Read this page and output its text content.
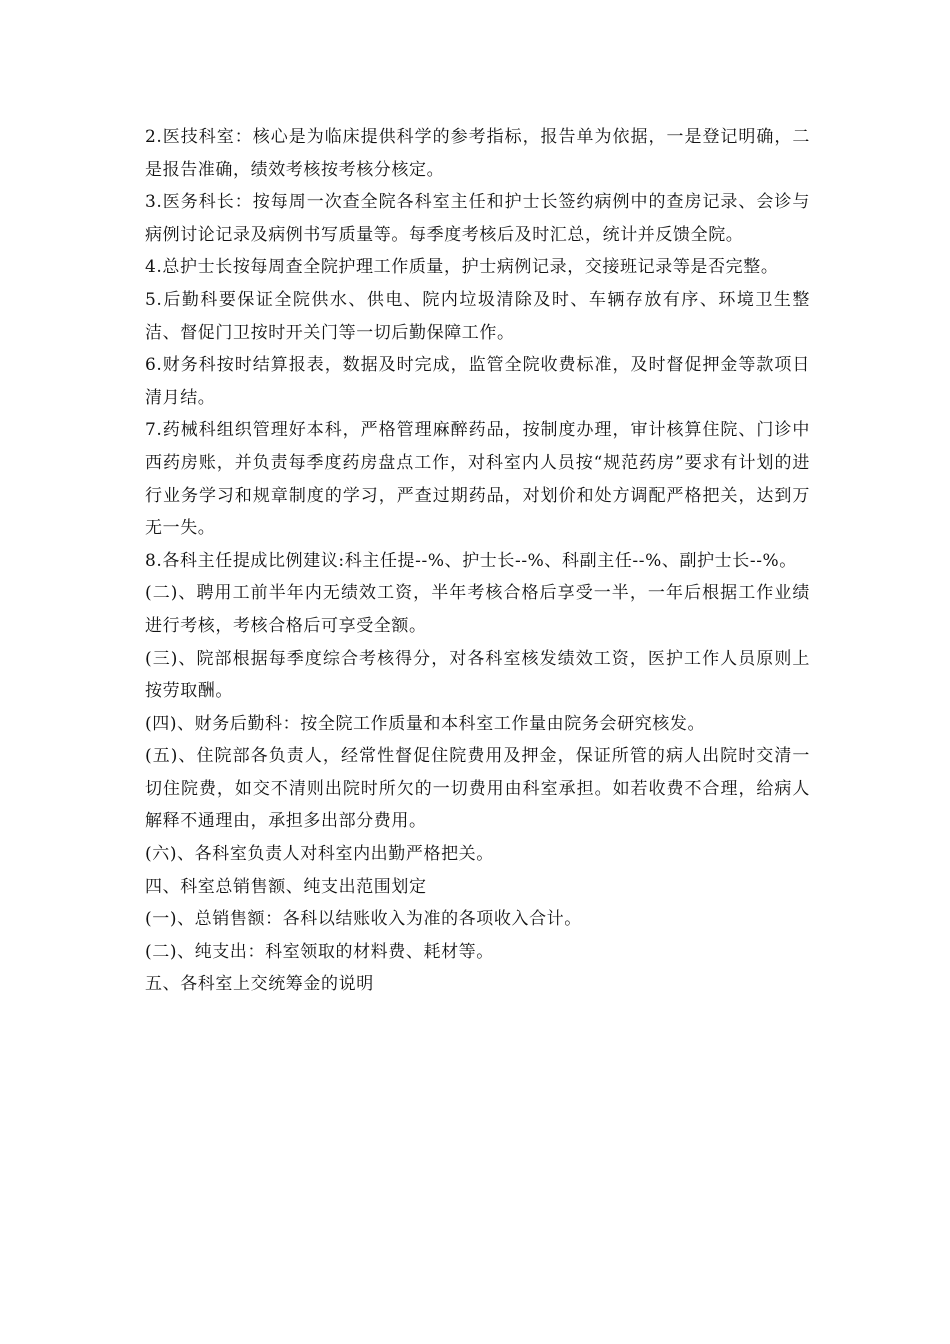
2.医技科室：核心是为临床提供科学的参考指标，报告单为依据，一是登记明确，二是报告准确，绩效考核按考核分核定。

3.医务科长：按每周一次查全院各科室主任和护士长签约病例中的查房记录、会诊与病例讨论记录及病例书写质量等。每季度考核后及时汇总，统计并反馈全院。

4.总护士长按每周查全院护理工作质量，护士病例记录，交接班记录等是否完整。

5.后勤科要保证全院供水、供电、院内垃圾清除及时、车辆存放有序、环境卫生整洁、督促门卫按时开关门等一切后勤保障工作。

6.财务科按时结算报表，数据及时完成，监管全院收费标准，及时督促押金等款项日清月结。

7.药械科组织管理好本科，严格管理麻醉药品，按制度办理，审计核算住院、门诊中西药房账，并负责每季度药房盘点工作，对科室内人员按“规范药房”要求有计划的进行业务学习和规章制度的学习，严查过期药品，对划价和处方调配严格把关，达到万无一失。

8.各科主任提成比例建议:科主任提--%、护士长--%、科副主任--%、副护士长--%。

(二)、聘用工前半年内无绩效工资，半年考核合格后享受一半，一年后根据工作业绩进行考核，考核合格后可享受全额。

(三)、院部根据每季度综合考核得分，对各科室核发绩效工资，医护工作人员原则上按劳取酬。

(四)、财务后勤科：按全院工作质量和本科室工作量由院务会研究核发。

(五)、住院部各负责人，经常性督促住院费用及押金，保证所管的病人出院时交清一切住院费，如交不清则出院时所欠的一切费用由科室承担。如若收费不合理，给病人解释不通理由，承担多出部分费用。

(六)、各科室负责人对科室内出勤严格把关。

四、科室总销售额、纯支出范围划定

(一)、总销售额：各科以结账收入为准的各项收入合计。

(二)、纯支出：科室领取的材料费、耗材等。

五、各科室上交统筹金的说明
